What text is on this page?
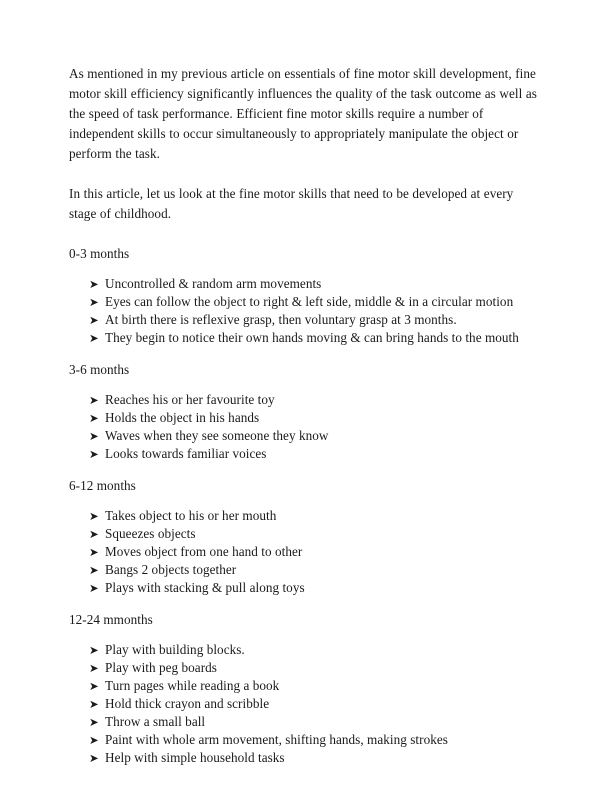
As mentioned in my previous article on essentials of fine motor skill development, fine motor skill efficiency significantly influences the quality of the task outcome as well as the speed of task performance. Efficient fine motor skills require a number of independent skills to occur simultaneously to appropriately manipulate the object or perform the task.

In this article, let us look at the fine motor skills that need to be developed at every stage of childhood.

0-3 months
➤ Uncontrolled & random arm movements
➤ Eyes can follow the object to right & left side, middle & in a circular motion
➤ At birth there is reflexive grasp, then voluntary grasp at 3 months.
➤ They begin to notice their own hands moving & can bring hands to the mouth
3-6 months
➤ Reaches his or her favourite toy
➤ Holds the object in his hands
➤ Waves when they see someone they know
➤ Looks towards familiar voices
6-12 months
➤ Takes object to his or her mouth
➤ Squeezes objects
➤ Moves object from one hand to other
➤ Bangs 2 objects together
➤ Plays with stacking & pull along toys
12-24 mmonths
➤ Play with building blocks.
➤ Play with peg boards
➤ Turn pages while reading a book
➤ Hold thick crayon and scribble
➤ Throw a small ball
➤ Paint with whole arm movement, shifting hands, making strokes
➤ Help with simple household tasks
